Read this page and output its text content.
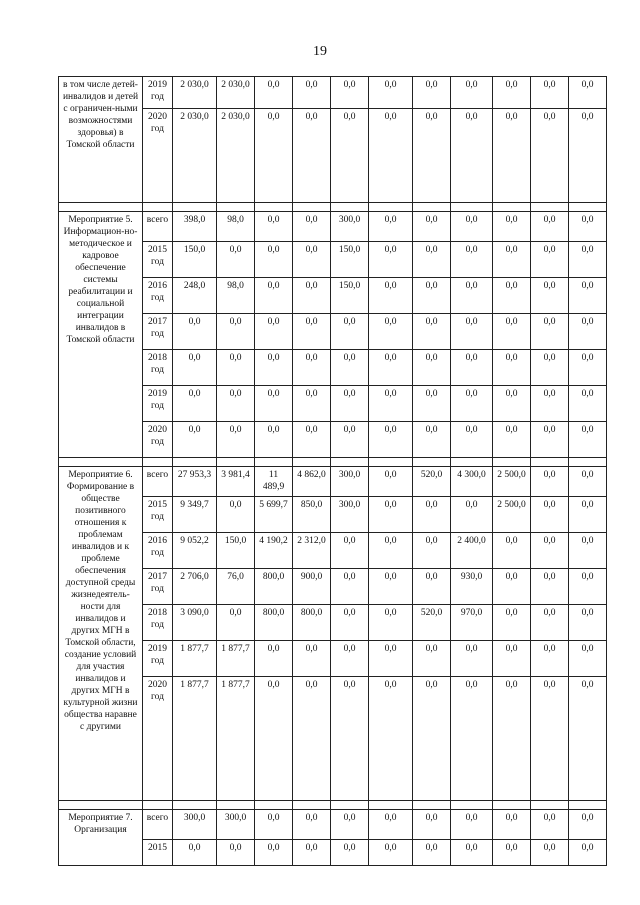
19
в том числе детей-инвалидов и детей с ограничен-ными возможностями здоровья) в Томской области	2019 год	2 030,0	2 030,0	0,0	0,0	0,0	0,0	0,0	0,0	0,0	0,0	0,0
	2020 год	2 030,0	2 030,0	0,0	0,0	0,0	0,0	0,0	0,0	0,0	0,0	0,0

Мероприятие 5. Информацион-но-методическое и кадровое обеспечение системы реабилитации и социальной интеграции инвалидов в Томской области	всего	398,0	98,0	0,0	0,0	300,0	0,0	0,0	0,0	0,0	0,0	0,0
	2015 год	150,0	0,0	0,0	0,0	150,0	0,0	0,0	0,0	0,0	0,0	0,0
	2016 год	248,0	98,0	0,0	0,0	150,0	0,0	0,0	0,0	0,0	0,0	0,0
	2017 год	0,0	0,0	0,0	0,0	0,0	0,0	0,0	0,0	0,0	0,0	0,0
	2018 год	0,0	0,0	0,0	0,0	0,0	0,0	0,0	0,0	0,0	0,0	0,0
	2019 год	0,0	0,0	0,0	0,0	0,0	0,0	0,0	0,0	0,0	0,0	0,0
	2020 год	0,0	0,0	0,0	0,0	0,0	0,0	0,0	0,0	0,0	0,0	0,0

Мероприятие 6. Формирование в обществе позитивного отношения к проблемам инвалидов и к проблеме обеспечения доступной среды жизнедеятель-ности для инвалидов и других МГН в Томской области, создание условий для участия инвалидов и других МГН в культурной жизни общества наравне с другими	всего	27 953,3	3 981,4	11 489,9	4 862,0	300,0	0,0	520,0	4 300,0	2 500,0	0,0	0,0
	2015 год	9 349,7	0,0	5 699,7	850,0	300,0	0,0	0,0	0,0	2 500,0	0,0	0,0
	2016 год	9 052,2	150,0	4 190,2	2 312,0	0,0	0,0	0,0	2 400,0	0,0	0,0	0,0
	2017 год	2 706,0	76,0	800,0	900,0	0,0	0,0	0,0	930,0	0,0	0,0	0,0
	2018 год	3 090,0	0,0	800,0	800,0	0,0	0,0	520,0	970,0	0,0	0,0	0,0
	2019 год	1 877,7	1 877,7	0,0	0,0	0,0	0,0	0,0	0,0	0,0	0,0	0,0
	2020 год	1 877,7	1 877,7	0,0	0,0	0,0	0,0	0,0	0,0	0,0	0,0	0,0

Мероприятие 7. Организация	всего	300,0	300,0	0,0	0,0	0,0	0,0	0,0	0,0	0,0	0,0	0,0
	2015	0,0	0,0	0,0	0,0	0,0	0,0	0,0	0,0	0,0	0,0	0,0
